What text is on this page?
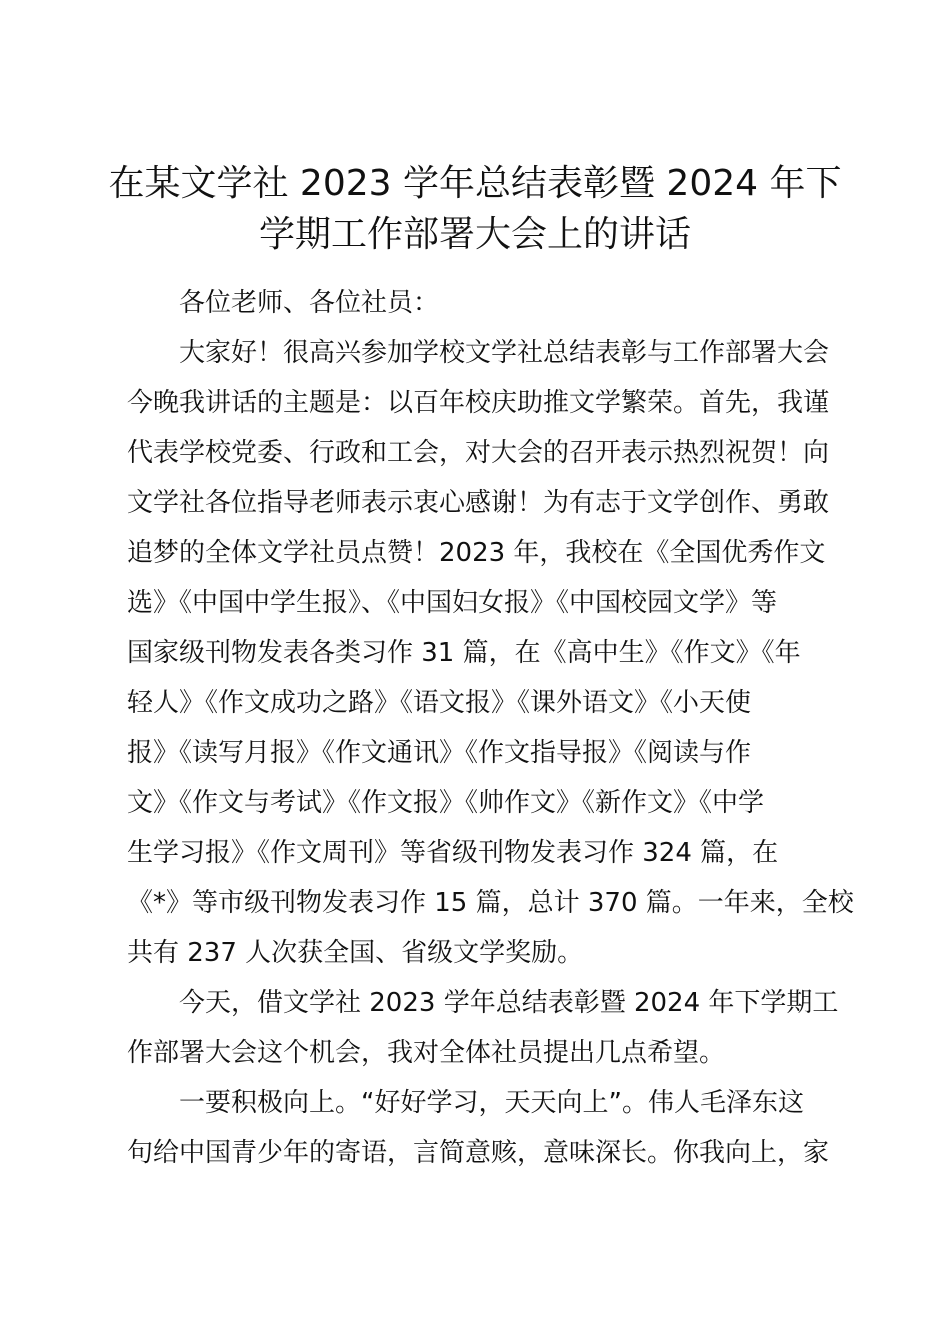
在某文学社 2023 学年总结表彰暨 2024 年下
学期工作部署大会上的讲话
各位老师、各位社员：
大家好！很高兴参加学校文学社总结表彰与工作部署大会
今晚我讲话的主题是：以百年校庆助推文学繁荣。首先，我谨
代表学校党委、行政和工会，对大会的召开表示热烈祝贺！向
文学社各位指导老师表示衷心感谢！为有志于文学创作、勇敢
追梦的全体文学社员点赞！2023 年，我校在《全国优秀作文
选》《中国中学生报》、《中国妇女报》《中国校园文学》等
国家级刊物发表各类习作 31 篇，在《高中生》《作文》《年
轻人》《作文成功之路》《语文报》《课外语文》《小天使
报》《读写月报》《作文通讯》《作文指导报》《阅读与作
文》《作文与考试》《作文报》《帅作文》《新作文》《中学
生学习报》《作文周刊》等省级刊物发表习作 324 篇，在
《*》等市级刊物发表习作 15 篇，总计 370 篇。一年来，全校
共有 237 人次获全国、省级文学奖励。
今天，借文学社 2023 学年总结表彰暨 2024 年下学期工
作部署大会这个机会，我对全体社员提出几点希望。
一要积极向上。“好好学习，天天向上”。伟人毛泽东这
句给中国青少年的寄语，言简意赅，意味深长。你我向上，家
